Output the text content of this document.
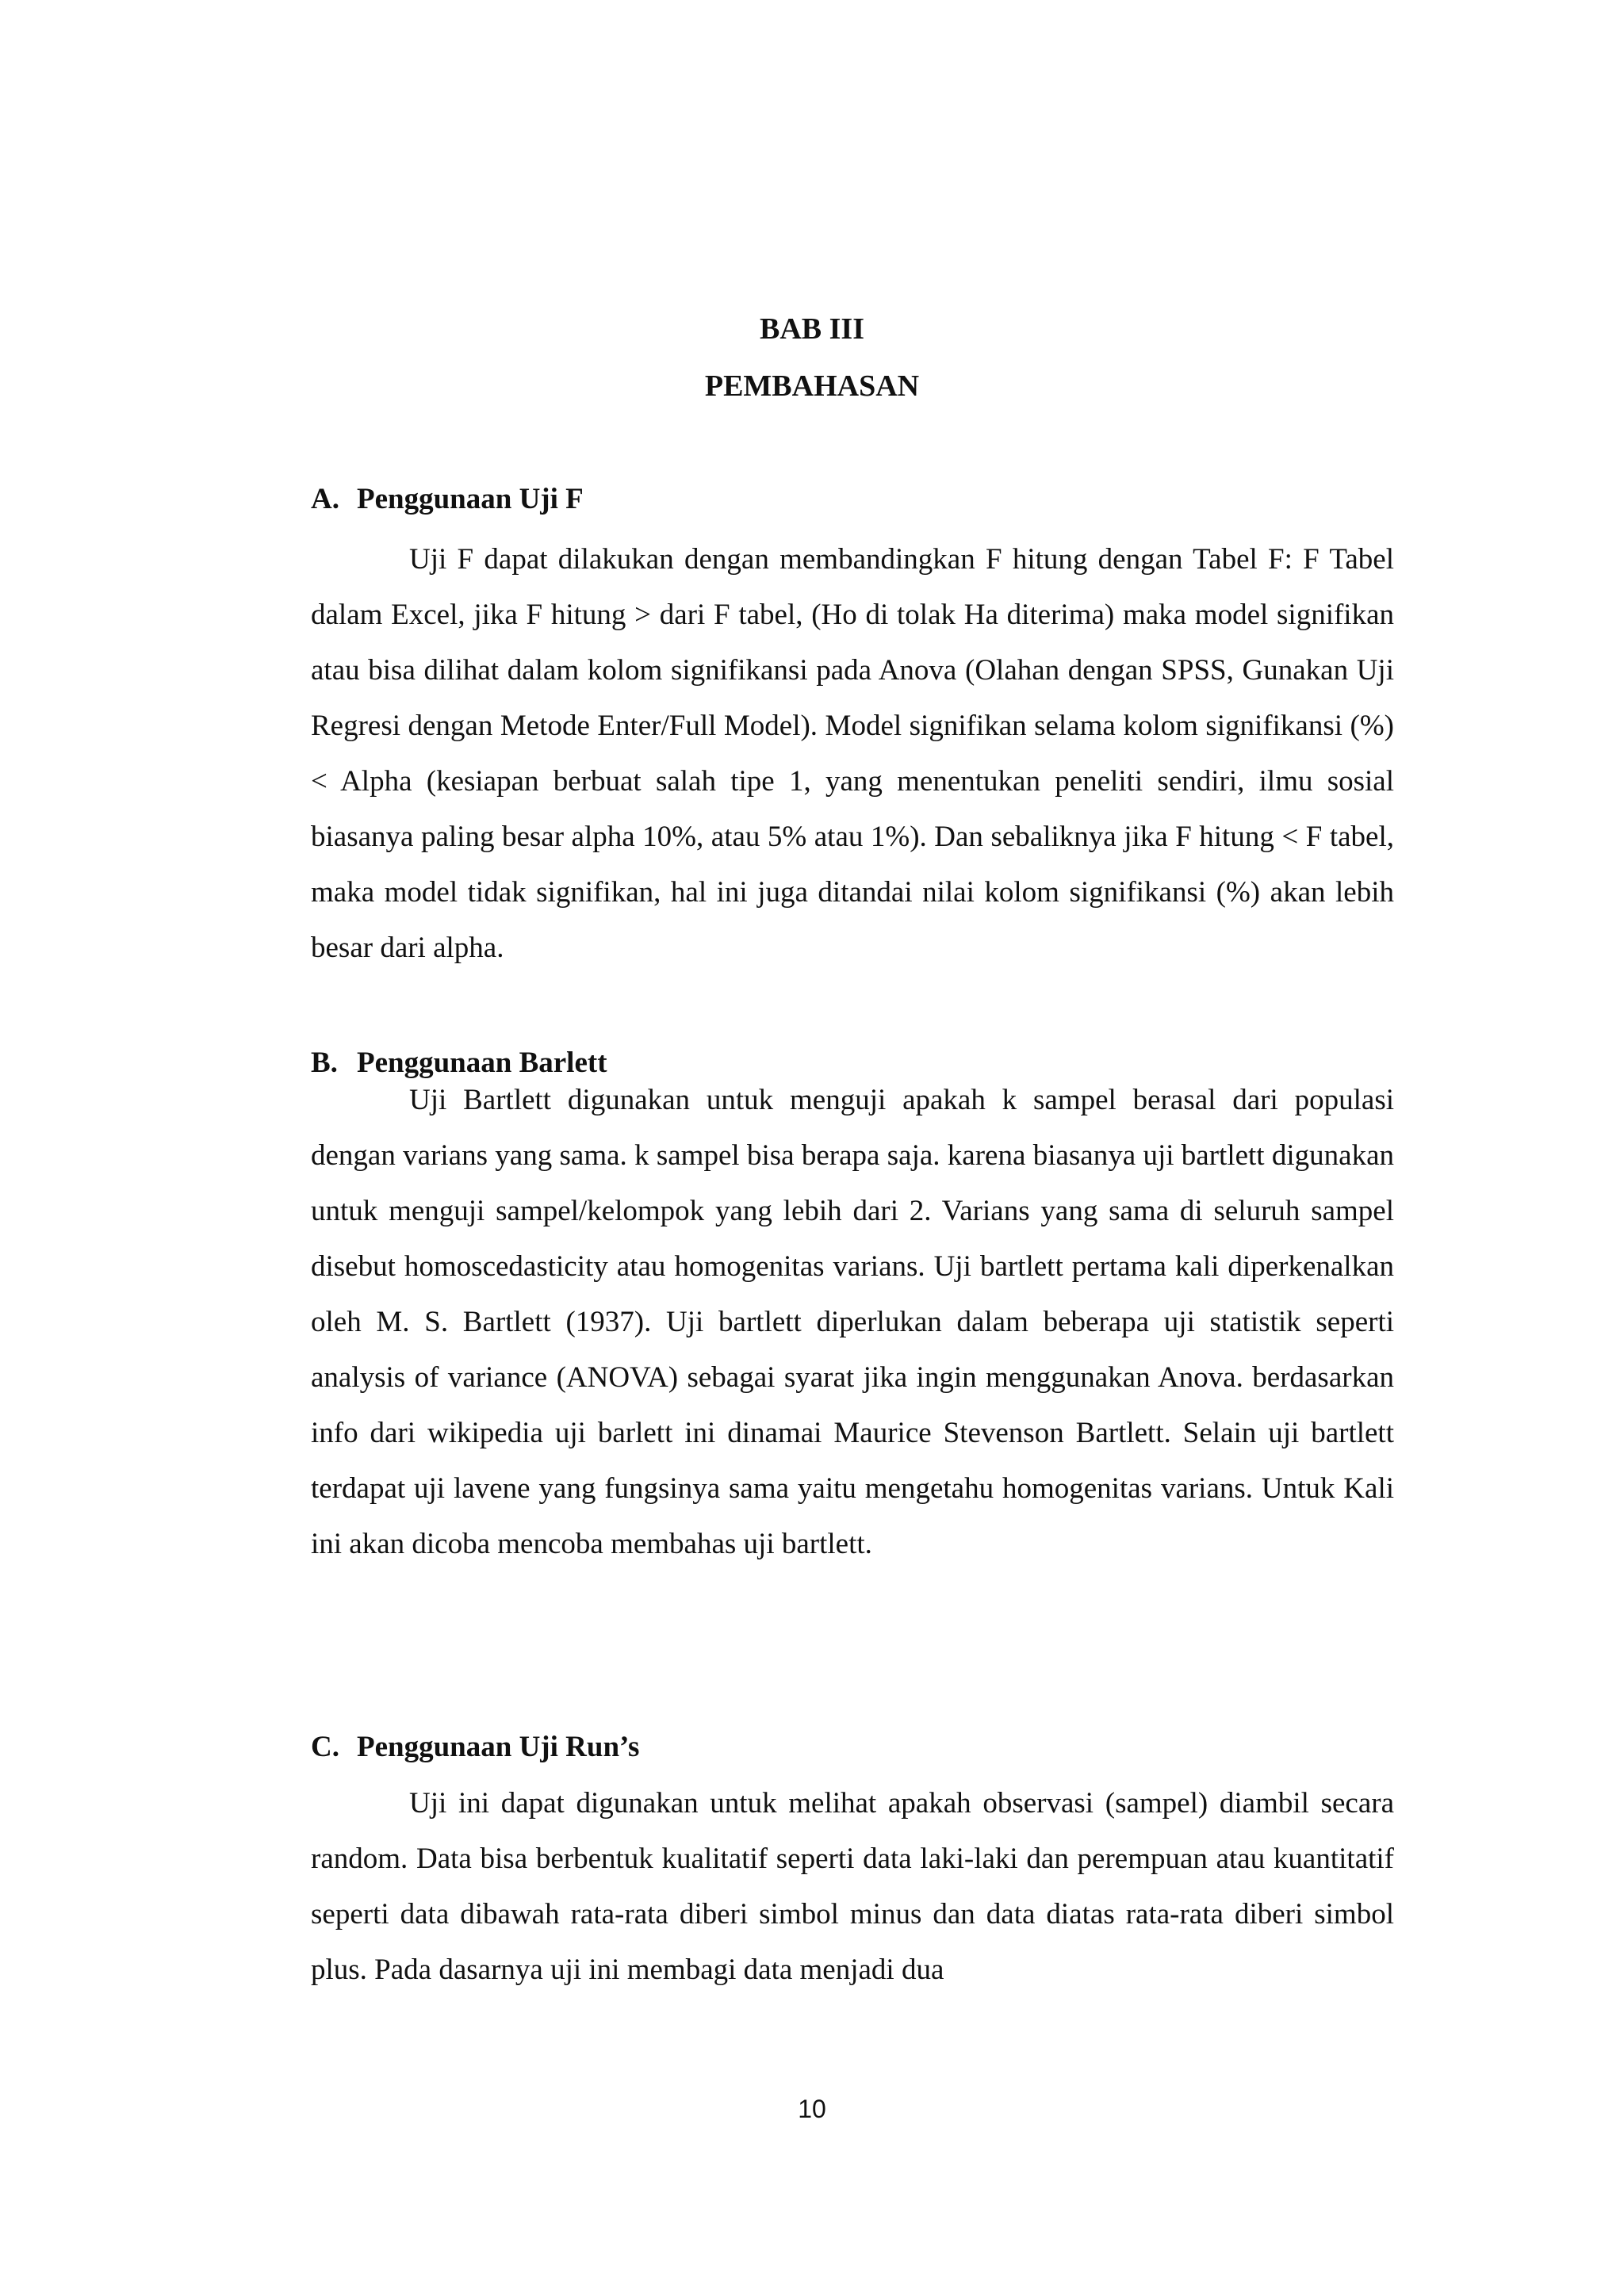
BAB III
PEMBAHASAN
A. Penggunaan Uji F

Uji F dapat dilakukan dengan membandingkan F hitung dengan Tabel F: F Tabel dalam Excel, jika F hitung > dari F tabel, (Ho di tolak Ha diterima) maka model signifikan atau bisa dilihat dalam kolom signifikansi pada Anova (Olahan dengan SPSS, Gunakan Uji Regresi dengan Metode Enter/Full Model). Model signifikan selama kolom signifikansi (%) < Alpha (kesiapan berbuat salah tipe 1, yang menentukan peneliti sendiri, ilmu sosial biasanya paling besar alpha 10%, atau 5% atau 1%). Dan sebaliknya jika F hitung < F tabel, maka model tidak signifikan, hal ini juga ditandai nilai kolom signifikansi (%) akan lebih besar dari alpha.

B. Penggunaan Barlett

Uji Bartlett digunakan untuk menguji apakah k sampel berasal dari populasi dengan varians yang sama. k sampel bisa berapa saja. karena biasanya uji bartlett digunakan untuk menguji sampel/kelompok yang lebih dari 2. Varians yang sama di seluruh sampel disebut homoscedasticity atau homogenitas varians. Uji bartlett pertama kali diperkenalkan oleh M. S. Bartlett (1937). Uji bartlett diperlukan dalam beberapa uji statistik seperti analysis of variance (ANOVA) sebagai syarat jika ingin menggunakan Anova. berdasarkan info dari wikipedia uji barlett ini dinamai Maurice Stevenson Bartlett. Selain uji bartlett terdapat uji lavene yang fungsinya sama yaitu mengetahu homogenitas varians. Untuk Kali ini akan dicoba mencoba membahas uji bartlett.

C. Penggunaan Uji Run’s

Uji ini dapat digunakan untuk melihat apakah observasi (sampel) diambil secara random. Data bisa berbentuk kualitatif seperti data laki-laki dan perempuan atau kuantitatif seperti data dibawah rata-rata diberi simbol minus dan data diatas rata-rata diberi simbol plus. Pada dasarnya uji ini membagi data menjadi dua

10
